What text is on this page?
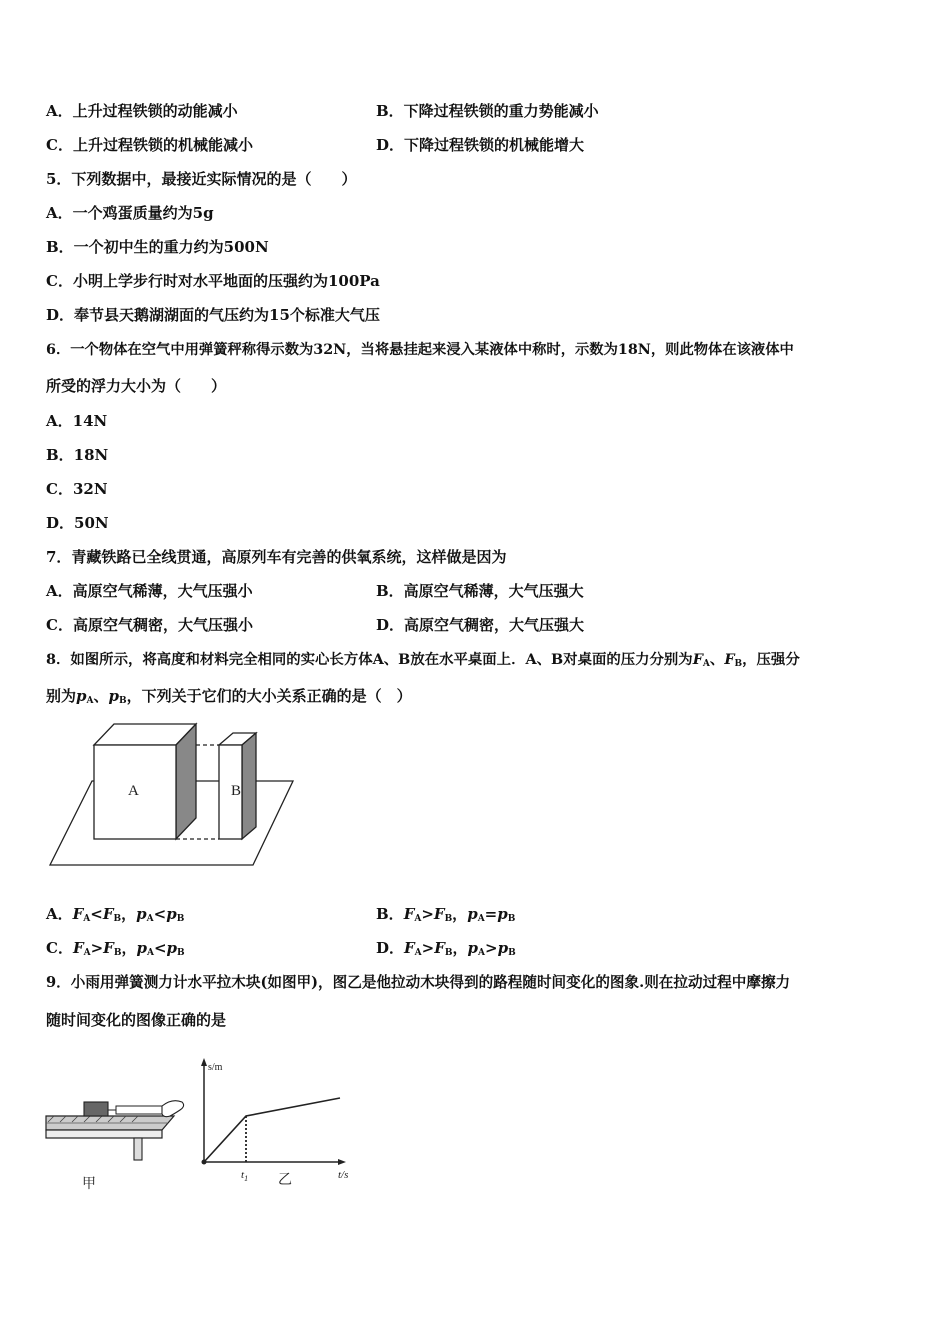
A．上升过程铁锁的动能减小	B．下降过程铁锁的重力势能减小
C．上升过程铁锁的机械能减小	D．下降过程铁锁的机械能增大
5．下列数据中，最接近实际情况的是（　　）
A．一个鸡蛋质量约为5g
B．一个初中生的重力约为500N
C．小明上学步行时对水平地面的压强约为100Pa
D．奉节县天鹅湖湖面的气压约为15个标准大气压
6．一个物体在空气中用弹簧秤称得示数为32N，当将悬挂起来浸入某液体中称时，示数为18N，则此物体在该液体中
所受的浮力大小为（　　）
A．14N
B．18N
C．32N
D．50N
7．青藏铁路已全线贯通，高原列车有完善的供氧系统，这样做是因为
A．高原空气稀薄，大气压强小	B．高原空气稀薄，大气压强大
C．高原空气稠密，大气压强小	D．高原空气稠密，大气压强大
8．如图所示，将高度和材料完全相同的实心长方体A、B放在水平桌面上．A、B对桌面的压力分别为$F_A$、$F_B$，压强分
别为$p_A$、$p_B$，下列关于它们的大小关系正确的是（　）
A	B
A．$F_A<F_B$，$p_A<p_B$	B．$F_A>F_B$，$p_A=p_B$
C．$F_A>F_B$，$p_A<p_B$	D．$F_A>F_B$，$p_A>p_B$
9．小雨用弹簧测力计水平拉木块(如图甲)，图乙是他拉动木块得到的路程随时间变化的图象.则在拉动过程中摩擦力
随时间变化的图像正确的是
甲
s/m
t/s
$t_1$ 乙
